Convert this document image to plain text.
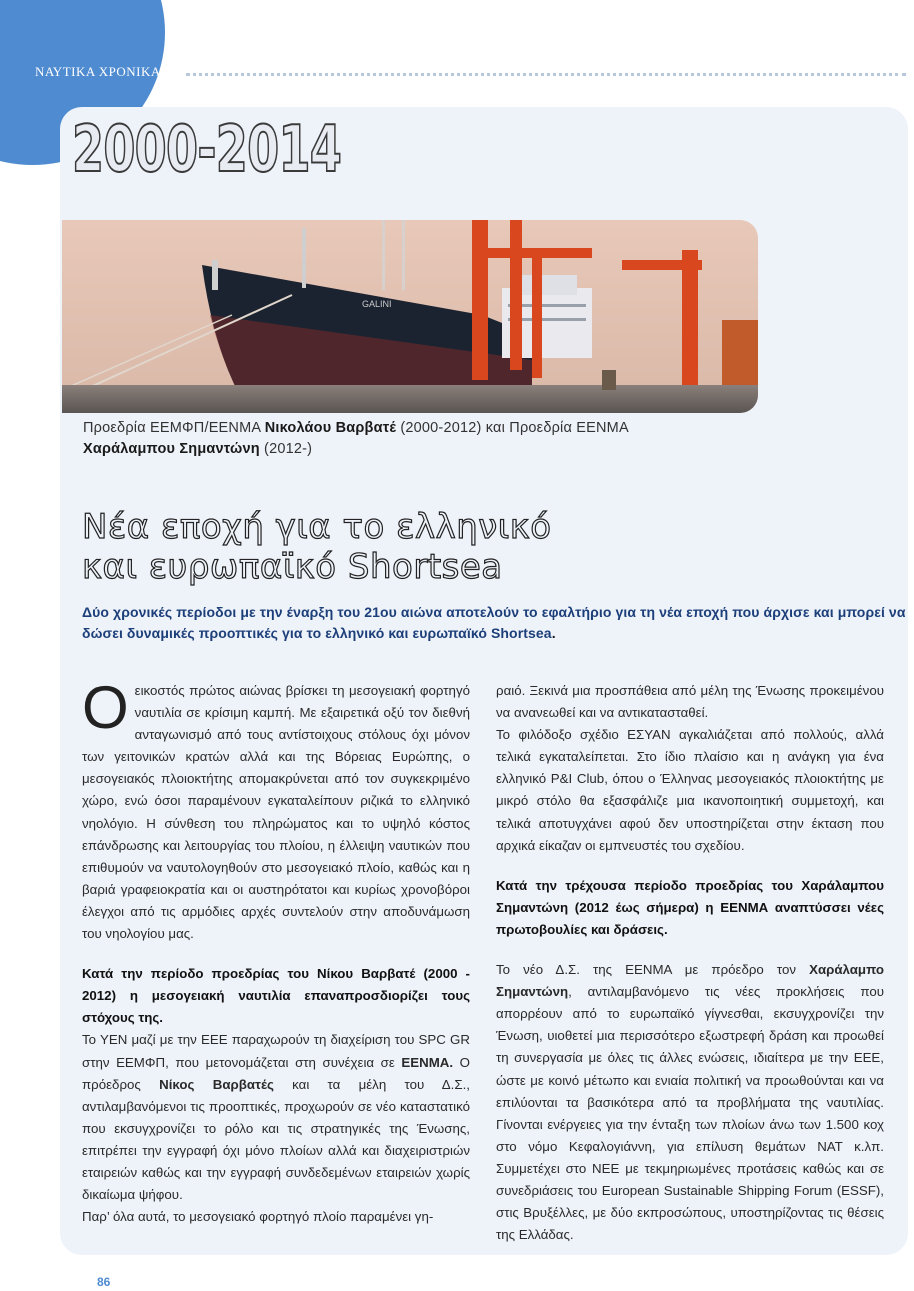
ΝΑΥΤΙΚΑ ΧΡΟΝΙΚΑ
2000-2014
GALINI
Προεδρία ΕΕΜΦΠ/ΕΕΝΜΑ Νικολάου Βαρβατέ (2000-2012) και Προεδρία ΕΕΝΜΑ
Χαράλαμπου Σημαντώνη (2012-)
Νέα εποχή για το ελληνικό
και ευρωπαϊκό Shortsea
Δύο χρονικές περίοδοι με την έναρξη του 21ου αιώνα αποτελούν το εφαλτήριο για τη νέα εποχή που άρχισε και μπορεί να δώσει δυναμικές προοπτικές για το ελληνικό και ευρωπαϊκό Shortsea.

Οεικοστός πρώτος αιώνας βρίσκει τη μεσογειακή φορτηγό ναυτιλία σε κρίσιμη καμπή. Με εξαιρετικά οξύ τον διεθνή ανταγωνισμό από τους αντίστοιχους στόλους όχι μόνον των γειτονικών κρατών αλλά και της Βόρειας Ευρώπης, ο μεσογειακός πλοιοκτήτης απομακρύνεται από τον συγκεκριμένο χώρο, ενώ όσοι παραμένουν εγκαταλείπουν ριζικά το ελληνικό νηολόγιο. Η σύνθεση του πληρώματος και το υψηλό κόστος επάνδρωσης και λειτουργίας του πλοίου, η έλλειψη ναυτικών που επιθυμούν να ναυτολογηθούν στο μεσογειακό πλοίο, καθώς και η βαριά γραφειοκρατία και οι αυστηρότατοι και κυρίως χρονοβόροι έλεγχοι από τις αρμόδιες αρχές συντελούν στην αποδυνάμωση του νηολογίου μας.

Κατά την περίοδο προεδρίας του Νίκου Βαρβατέ (2000 - 2012) η μεσογειακή ναυτιλία επαναπροσδιορίζει τους στόχους της.

Το ΥΕΝ μαζί με την ΕΕΕ παραχωρούν τη διαχείριση του SPC GR στην ΕΕΜΦΠ, που μετονομάζεται στη συνέχεια σε ΕΕΝΜΑ. Ο πρόεδρος Νίκος Βαρβατές και τα μέλη του Δ.Σ., αντιλαμβανόμενοι τις προοπτικές, προχωρούν σε νέο καταστατικό που εκσυγχρονίζει το ρόλο και τις στρατηγικές της Ένωσης, επιτρέπει την εγγραφή όχι μόνο πλοίων αλλά και διαχειριστριών εταιρειών καθώς και την εγγραφή συνδεδεμένων εταιρειών χωρίς δικαίωμα ψήφου.

Παρ’ όλα αυτά, το μεσογειακό φορτηγό πλοίο παραμένει γη-

ραιό. Ξεκινά μια προσπάθεια από μέλη της Ένωσης προκειμένου να ανανεωθεί και να αντικατασταθεί.

Το φιλόδοξο σχέδιο ΕΣΥΑΝ αγκαλιάζεται από πολλούς, αλλά τελικά εγκαταλείπεται. Στο ίδιο πλαίσιο και η ανάγκη για ένα ελληνικό P&I Club, όπου ο Έλληνας μεσογειακός πλοιοκτήτης με μικρό στόλο θα εξασφάλιζε μια ικανοποιητική συμμετοχή, και τελικά αποτυγχάνει αφού δεν υποστηρίζεται στην έκταση που αρχικά είκαζαν οι εμπνευστές του σχεδίου.

Κατά την τρέχουσα περίοδο προεδρίας του Χαράλαμπου Σημαντώνη (2012 έως σήμερα) η ΕΕΝΜΑ αναπτύσσει νέες πρωτοβουλίες και δράσεις.

Το νέο Δ.Σ. της ΕΕΝΜΑ με πρόεδρο τον Χαράλαμπο Σημαντώνη, αντιλαμβανόμενο τις νέες προκλήσεις που απορρέουν από το ευρωπαϊκό γίγνεσθαι, εκσυγχρονίζει την Ένωση, υιοθετεί μια περισσότερο εξωστρεφή δράση και προωθεί τη συνεργασία με όλες τις άλλες ενώσεις, ιδιαίτερα με την ΕΕΕ, ώστε με κοινό μέτωπο και ενιαία πολιτική να προωθούνται και να επιλύονται τα βασικότερα από τα προβλήματα της ναυτιλίας. Γίνονται ενέργειες για την ένταξη των πλοίων άνω των 1.500 κοχ στο νόμο Κεφαλογιάννη, για επίλυση θεμάτων ΝΑΤ κ.λπ. Συμμετέχει στο ΝΕΕ με τεκμηριωμένες προτάσεις καθώς και σε συνεδριάσεις του European Sustainable Shipping Forum (ESSF), στις Βρυξέλλες, με δύο εκπροσώπους, υποστηρίζοντας τις θέσεις της Ελλάδας.

86
